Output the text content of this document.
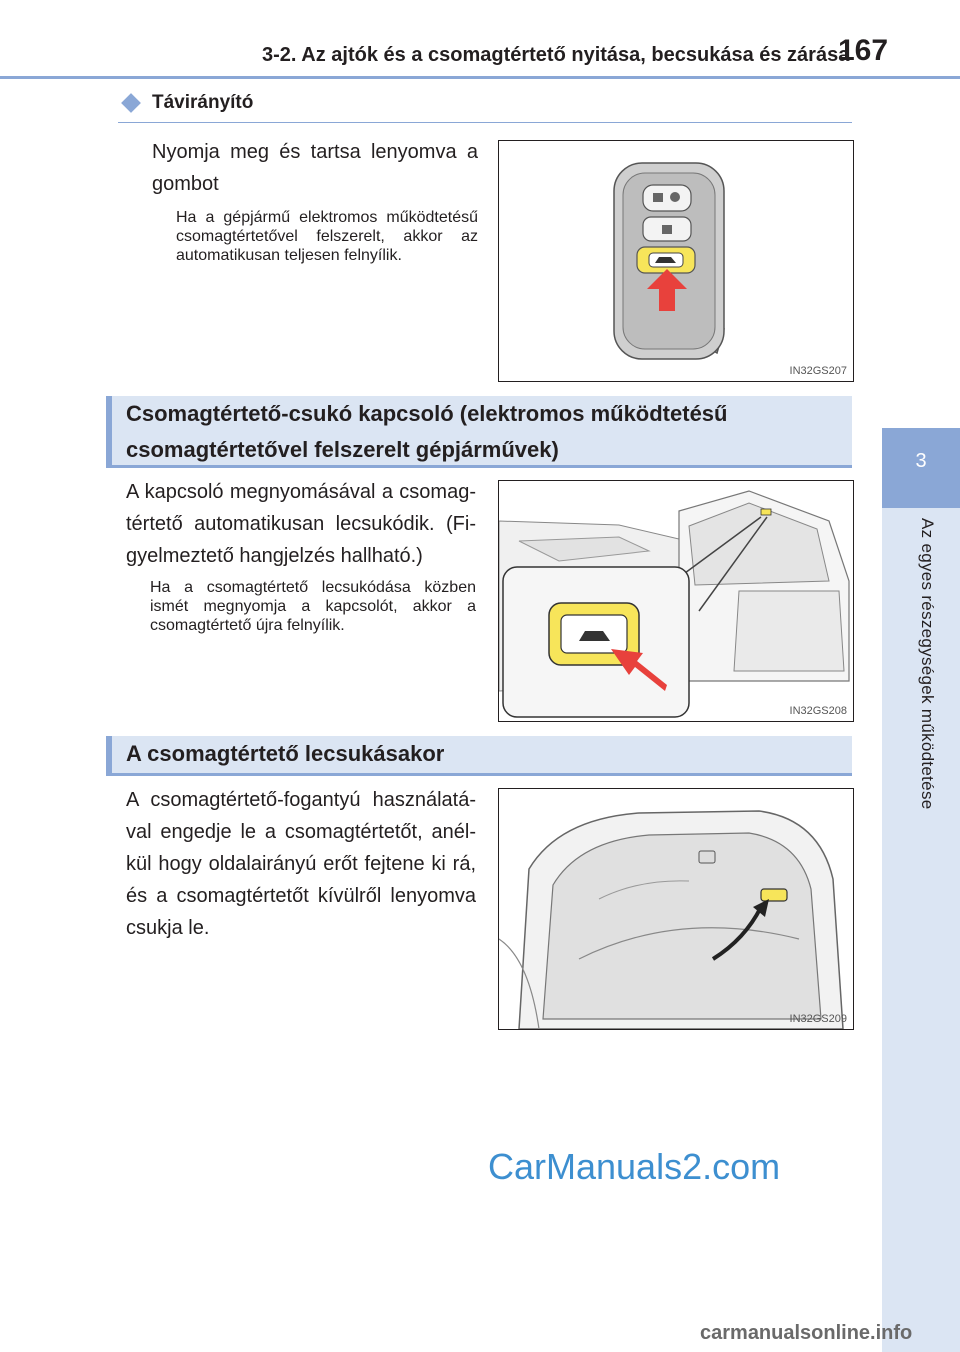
3-2. Az ajtók és a csomagtértető nyitása, becsukása és zárása
167
3
Az egyes részegységek működtetése
Távirányító
Nyomja meg és tartsa lenyomva a gombot
Ha a gépjármű elektromos működtetésű csomagtértetővel felszerelt, akkor az automatikusan teljesen felnyílik.
IN32GS207
Csomagtértető-csukó kapcsoló (elektromos működtetésű csomagtértetővel felszerelt gépjárművek)
A kapcsoló megnyomásával a csomagtértető automatikusan lecsukódik. (Figyelmeztető hangjelzés hallható.)
Ha a csomagtértető lecsukódása közben ismét megnyomja a kapcsolót, akkor a csomagtértető újra felnyílik.
IN32GS208
A csomagtértető lecsukásakor
A csomagtértető-fogantyú használatával engedje le a csomagtértetőt, anélkül hogy oldalairányú erőt fejtene ki rá, és a csomagtértetőt kívülről lenyomva csukja le.
IN32GS209
CarManuals2.com
carmanualsonline.info
